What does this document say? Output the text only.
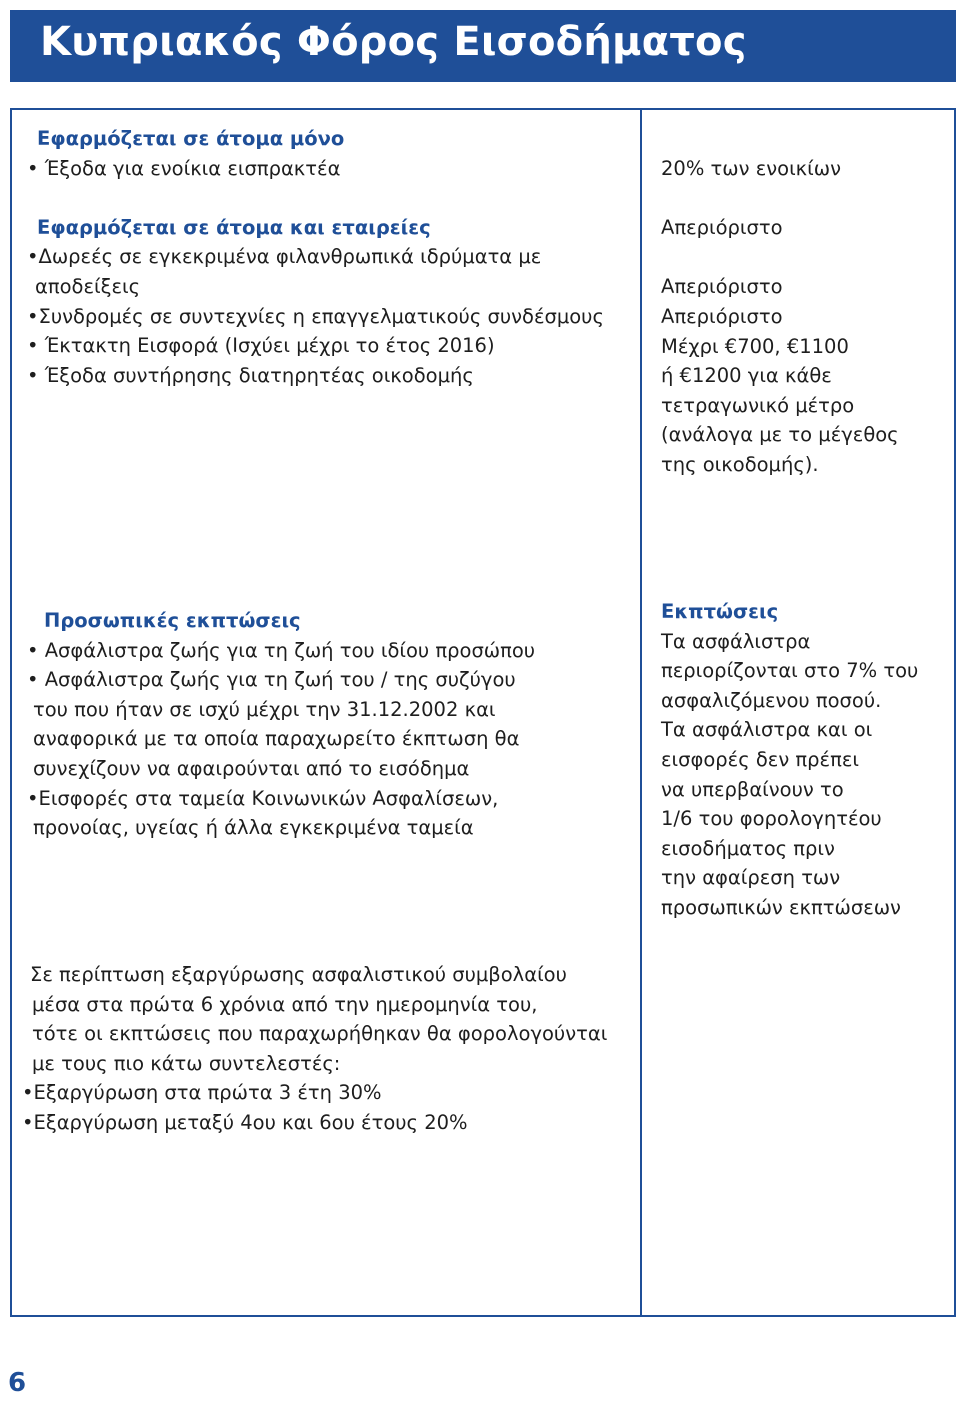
Κυπριακός Φόρος Εισοδήματος
Εφαρμόζεται σε άτομα μόνο
• Έξοδα για ενοίκια εισπρακτέα
Εφαρμόζεται σε άτομα και εταιρείες
•Δωρεές σε εγκεκριμένα φιλανθρωπικά ιδρύματα με
αποδείξεις
•Συνδρομές σε συντεχνίες η επαγγελματικούς συνδέσμους
• Έκτακτη Εισφορά (Ισχύει μέχρι το έτος 2016)
• Έξοδα συντήρησης διατηρητέας οικοδομής
20% των ενοικίων
Απεριόριστο
Απεριόριστο
Απεριόριστο
Μέχρι €700, €1100
ή €1200 για κάθε
τετραγωνικό μέτρο
(ανάλογα με το μέγεθος
της οικοδομής).
Προσωπικές εκπτώσεις
• Ασφάλιστρα ζωής για τη ζωή του ιδίου προσώπου
• Ασφάλιστρα ζωής για τη ζωή του / της συζύγου
του που ήταν σε ισχύ μέχρι την 31.12.2002 και
αναφορικά με τα οποία παραχωρείτο έκπτωση θα
συνεχίζουν να αφαιρούνται από το εισόδημα
•Εισφορές στα ταμεία Κοινωνικών Ασφαλίσεων,
προνοίας, υγείας ή άλλα εγκεκριμένα ταμεία
Εκπτώσεις
Τα ασφάλιστρα
περιορίζονται στο 7% του
ασφαλιζόμενου ποσού.
Τα ασφάλιστρα και οι
εισφορές δεν πρέπει
να υπερβαίνουν το
1/6 του φορολογητέου
εισοδήματος πριν
την αφαίρεση των
προσωπικών εκπτώσεων
Σε περίπτωση εξαργύρωσης ασφαλιστικού συμβολαίου
μέσα στα πρώτα 6 χρόνια από την ημερομηνία του,
τότε οι εκπτώσεις που παραχωρήθηκαν θα φορολογούνται
με τους πιο κάτω συντελεστές:
•Εξαργύρωση στα πρώτα 3 έτη 30%
•Εξαργύρωση μεταξύ 4ου και 6ου έτους 20%
6
